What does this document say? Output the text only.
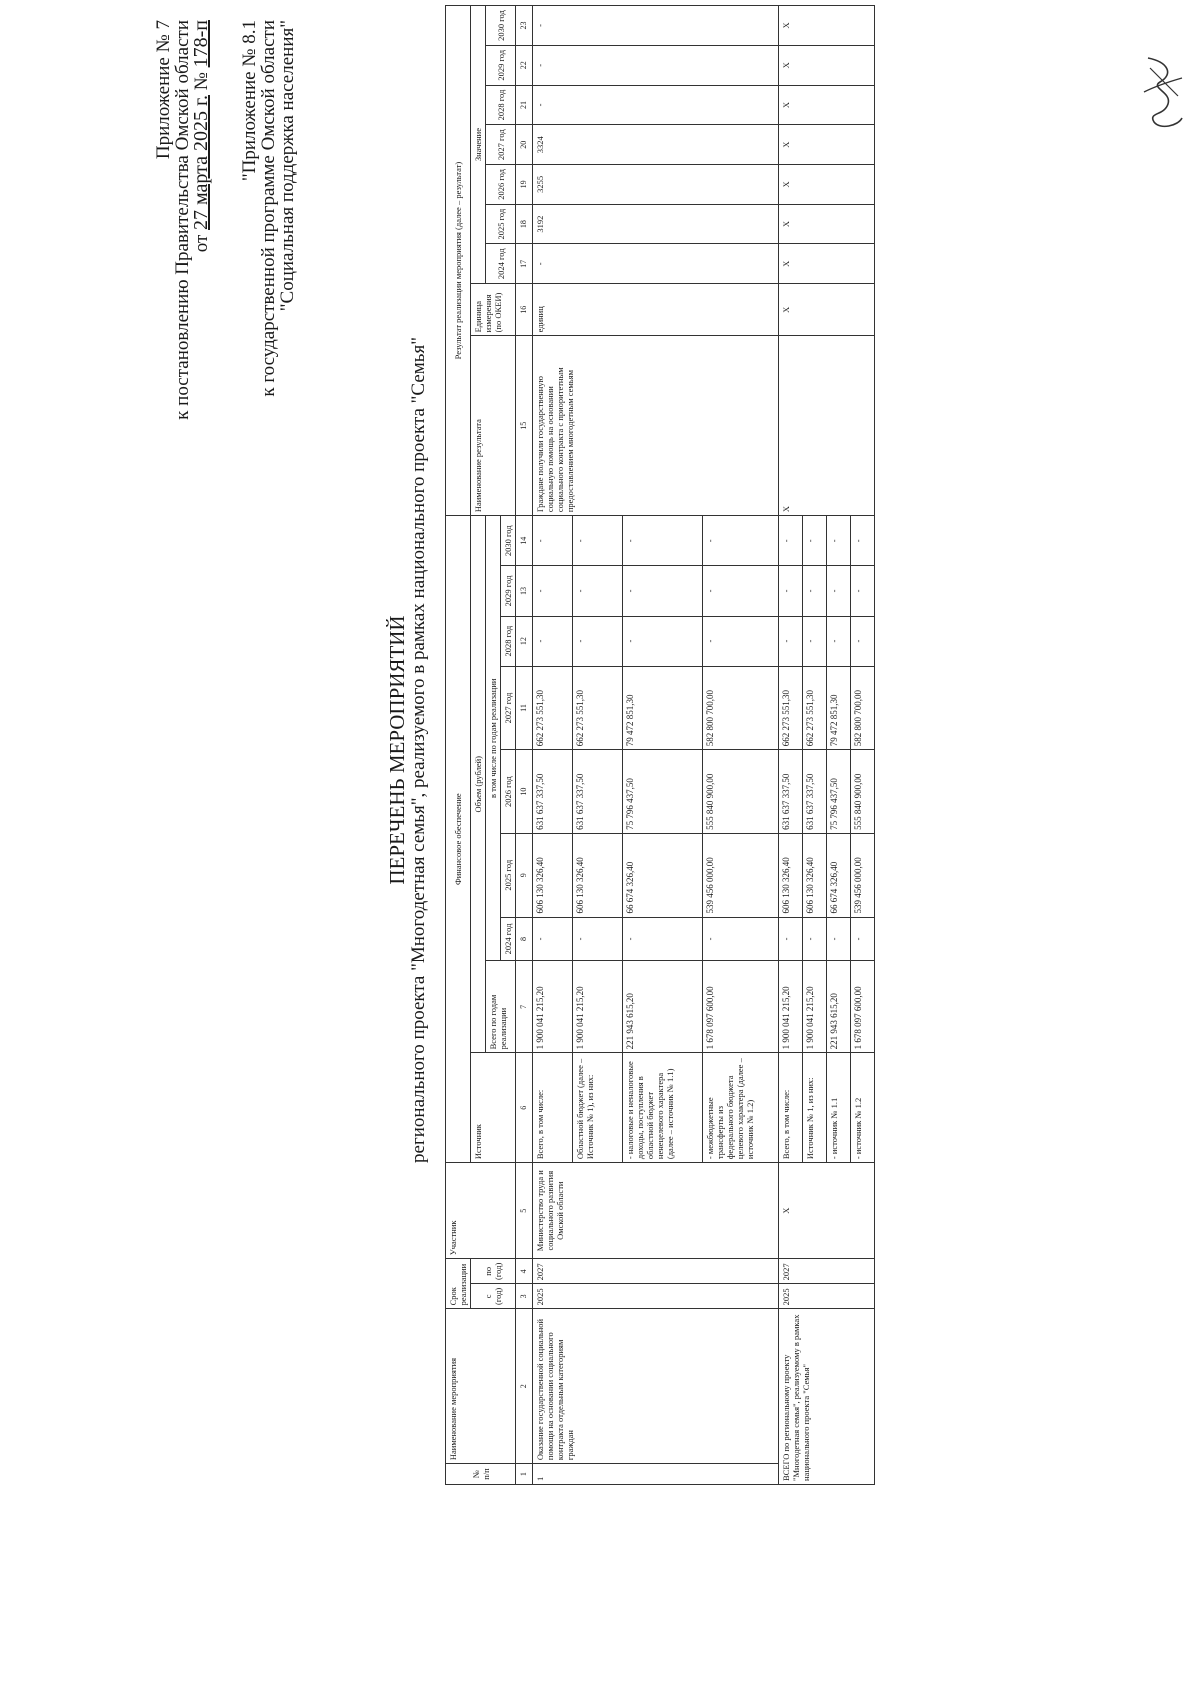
Приложение № 7
к постановлению Правительства Омской области
от 27 марта 2025 г. № 178-п "Приложение № 8.1
к государственной программе Омской области
"Социальная поддержка населения"
ПЕРЕЧЕНЬ МЕРОПРИЯТИЙ регионального проекта "Многодетная семья", реализуемого в рамках национального проекта "Семья"
№ п/п	Наименование мероприятия	Срок реализации		Участник	Финансовое обеспечение									Результат реализации мероприятия (далее – результат)								
		с (год)	по (год)		Источник	Объем (рублей)								Наименование результата	Единица измерения (по ОКЕИ)	Значение						
						Всего по годам реализации	в том числе по годам реализации									2024 год	2025 год	2026 год	2027 год	2028 год	2029 год	2030 год
							2024 год	2025 год	2026 год	2027 год	2028 год	2029 год	2030 год									
1	2	3	4	5	6	7	8	9	10	11	12	13	14	15	16	17	18	19	20	21	22	23
1	Оказание государственной социальной помощи на основании социального контракта отдельным категориям граждан	2025	2027	Министерство труда и социального развития Омской области	Всего, в том числе:	1 900 041 215,20	-	606 130 326,40	631 637 337,50	662 273 551,30	-	-	-	Граждане получили государственную социальную помощь на основании социального контракта с приоритетным предоставлением многодетным семьям	единиц	-	3192	3255	3324	-	-	-
					Областной бюджет (далее – Источник № 1), из них:	1 900 041 215,20	-	606 130 326,40	631 637 337,50	662 273 551,30	-	-	-									
					- налоговые и неналоговые доходы, поступления в областной бюджет ненецелевого характера (далее – источник № 1.1)	221 943 615,20	-	66 674 326,40	75 796 437,50	79 472 851,30	-	-	-									
					- межбюджетные трансферты из федерального бюджета целевого характера (далее – источник № 1.2)	1 678 097 600,00	-	539 456 000,00	555 840 900,00	582 800 700,00	-	-	-									
ВСЕГО по региональному проекту "Многодетная семья", реализуемому в рамках национального проекта "Семья"		2025	2027	Х	Всего, в том числе:	1 900 041 215,20	-	606 130 326,40	631 637 337,50	662 273 551,30	-	-	-	Х	Х	Х	Х	Х	Х	Х	Х	Х
					Источник № 1, из них:	1 900 041 215,20	-	606 130 326,40	631 637 337,50	662 273 551,30	-	-	-									
					- источник № 1.1	221 943 615,20	-	66 674 326,40	75 796 437,50	79 472 851,30	-	-	-									
					- источник № 1.2	1 678 097 600,00	-	539 456 000,00	555 840 900,00	582 800 700,00	-	-	-									
